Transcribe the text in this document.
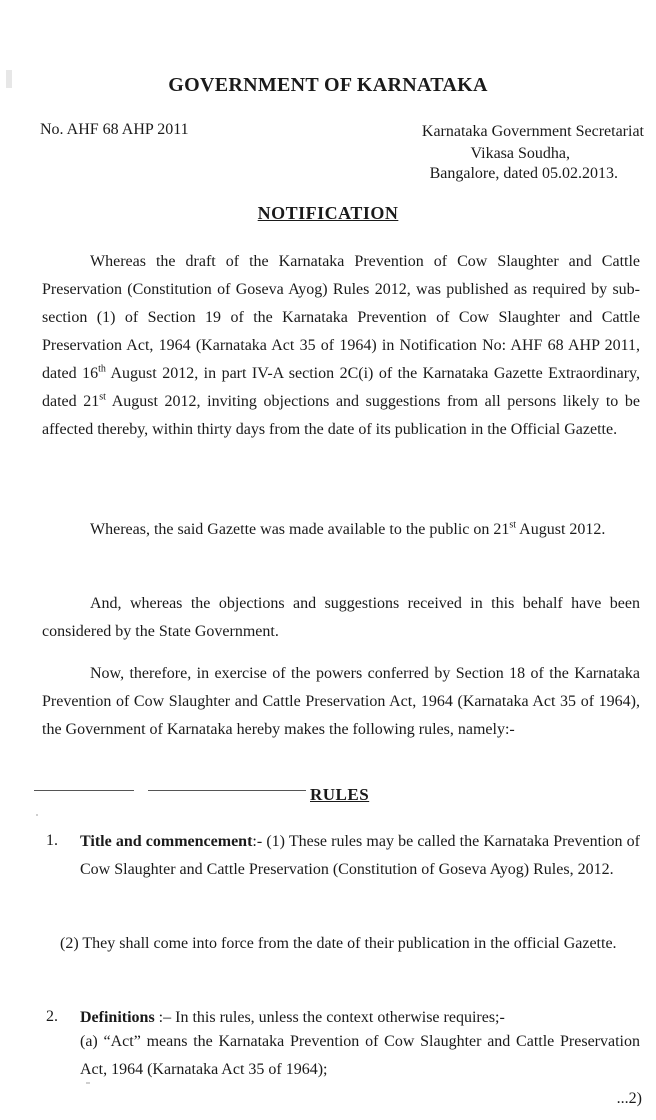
GOVERNMENT OF KARNATAKA
No. AHF 68 AHP 2011	Karnataka Government Secretariat
Vikasa Soudha,
Bangalore, dated 05.02.2013.
NOTIFICATION
Whereas the draft of the Karnataka Prevention of Cow Slaughter and Cattle Preservation (Constitution of Goseva Ayog) Rules 2012, was published as required by sub-section (1) of Section 19 of the Karnataka Prevention of Cow Slaughter and Cattle Preservation Act, 1964 (Karnataka Act 35 of 1964) in Notification No: AHF 68 AHP 2011, dated 16th August 2012, in part IV-A section 2C(i) of the Karnataka Gazette Extraordinary, dated 21st August 2012, inviting objections and suggestions from all persons likely to be affected thereby, within thirty days from the date of its publication in the Official Gazette.
Whereas, the said Gazette was made available to the public on 21st August 2012.
And, whereas the objections and suggestions received in this behalf have been considered by the State Government.
Now, therefore, in exercise of the powers conferred by Section 18 of the Karnataka Prevention of Cow Slaughter and Cattle Preservation Act, 1964 (Karnataka Act 35 of 1964), the Government of Karnataka hereby makes the following rules, namely:-
RULES
1. Title and commencement:- (1) These rules may be called the Karnataka Prevention of Cow Slaughter and Cattle Preservation (Constitution of Goseva Ayog) Rules, 2012.
(2) They shall come into force from the date of their publication in the official Gazette.
2. Definitions :– In this rules, unless the context otherwise requires;-
(a) “Act” means the Karnataka Prevention of Cow Slaughter and Cattle Preservation Act, 1964 (Karnataka Act 35 of 1964);
...2)
